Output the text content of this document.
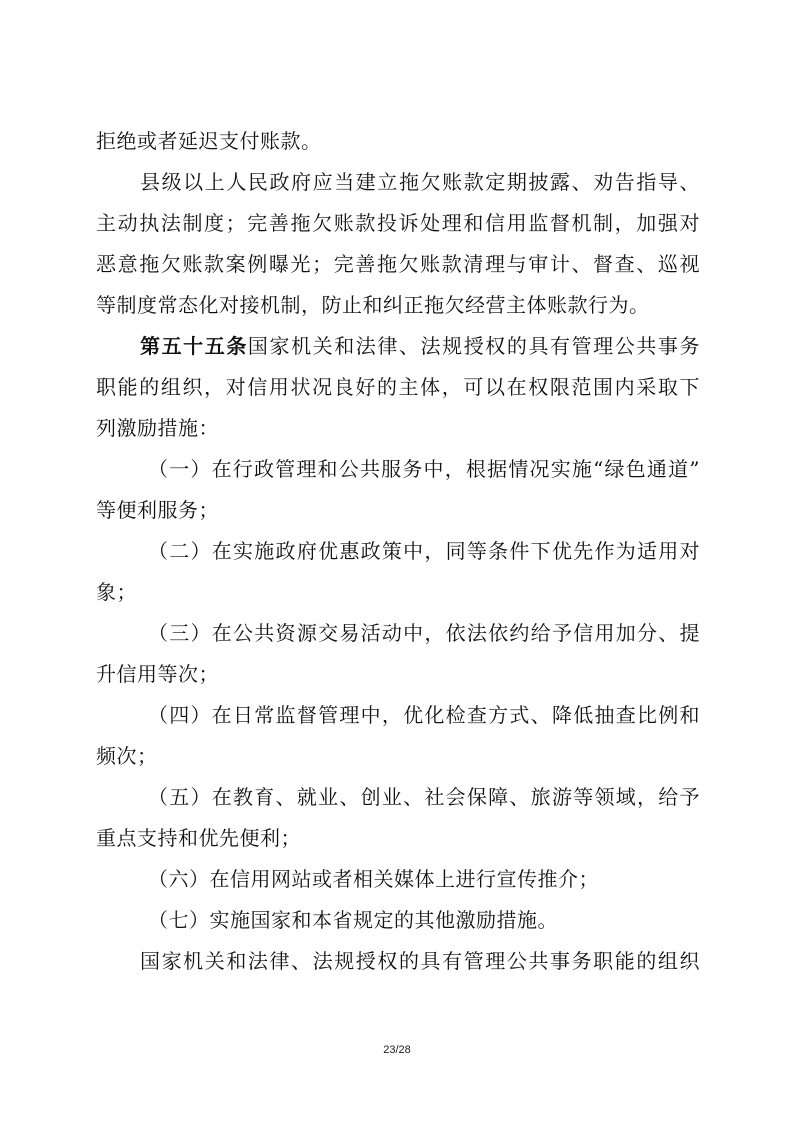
拒绝或者延迟支付账款。
县级以上人民政府应当建立拖欠账款定期披露、劝告指导、
主动执法制度；完善拖欠账款投诉处理和信用监督机制，加强对
恶意拖欠账款案例曝光；完善拖欠账款清理与审计、督查、巡视
等制度常态化对接机制，防止和纠正拖欠经营主体账款行为。
第五十五条国家机关和法律、法规授权的具有管理公共事务
职能的组织，对信用状况良好的主体，可以在权限范围内采取下
列激励措施：
（一）在行政管理和公共服务中，根据情况实施“绿色通道”
等便利服务；
（二）在实施政府优惠政策中，同等条件下优先作为适用对
象；
（三）在公共资源交易活动中，依法依约给予信用加分、提
升信用等次；
（四）在日常监督管理中，优化检查方式、降低抽查比例和
频次；
（五）在教育、就业、创业、社会保障、旅游等领域，给予
重点支持和优先便利；
（六）在信用网站或者相关媒体上进行宣传推介；
（七）实施国家和本省规定的其他激励措施。
国家机关和法律、法规授权的具有管理公共事务职能的组织
23/28
